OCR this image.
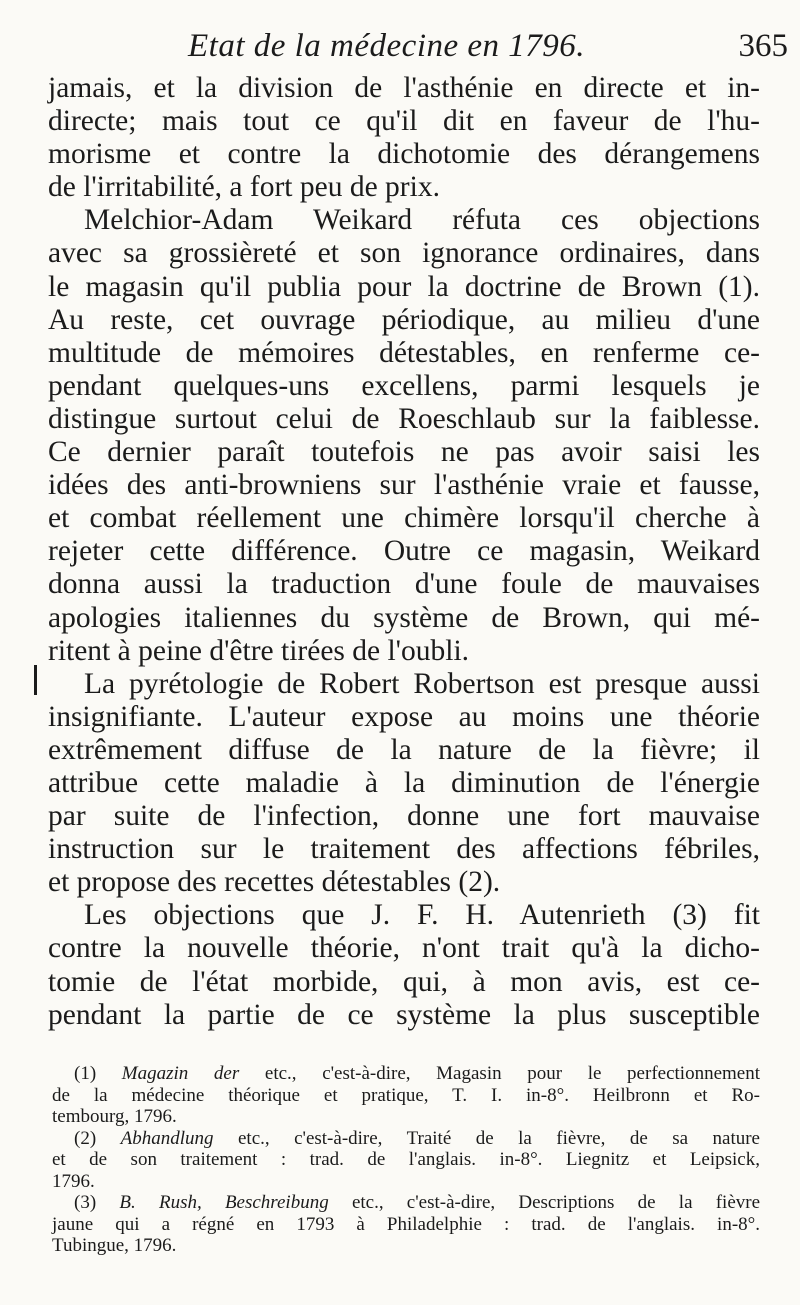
Etat de la médecine en 1796.	365
jamais, et la division de l'asthénie en directe et in-
directe; mais tout ce qu'il dit en faveur de l'hu-
morisme et contre la dichotomie des dérangemens
de l'irritabilité, a fort peu de prix.
Melchior-Adam Weikard réfuta ces objections
avec sa grossièreté et son ignorance ordinaires, dans
le magasin qu'il publia pour la doctrine de Brown (1).
Au reste, cet ouvrage périodique, au milieu d'une
multitude de mémoires détestables, en renferme ce-
pendant quelques-uns excellens, parmi lesquels je
distingue surtout celui de Roeschlaub sur la faiblesse.
Ce dernier paraît toutefois ne pas avoir saisi les
idées des anti-browniens sur l'asthénie vraie et fausse,
et combat réellement une chimère lorsqu'il cherche à
rejeter cette différence. Outre ce magasin, Weikard
donna aussi la traduction d'une foule de mauvaises
apologies italiennes du système de Brown, qui mé-
ritent à peine d'être tirées de l'oubli.
La pyrétologie de Robert Robertson est presque aussi
insignifiante. L'auteur expose au moins une théorie
extrêmement diffuse de la nature de la fièvre; il
attribue cette maladie à la diminution de l'énergie
par suite de l'infection, donne une fort mauvaise
instruction sur le traitement des affections fébriles,
et propose des recettes détestables (2).
Les objections que J. F. H. Autenrieth (3) fit
contre la nouvelle théorie, n'ont trait qu'à la dicho-
tomie de l'état morbide, qui, à mon avis, est ce-
pendant la partie de ce système la plus susceptible
(1) Magazin der etc., c'est-à-dire, Magasin pour le perfectionnement
de la médecine théorique et pratique, T. I. in-8°. Heilbronn et Ro-
tembourg, 1796.
(2) Abhandlung etc., c'est-à-dire, Traité de la fièvre, de sa nature
et de son traitement : trad. de l'anglais. in-8°. Liegnitz et Leipsick,
1796.
(3) B. Rush, Beschreibung etc., c'est-à-dire, Descriptions de la fièvre
jaune qui a régné en 1793 à Philadelphie : trad. de l'anglais. in-8°.
Tubingue, 1796.
